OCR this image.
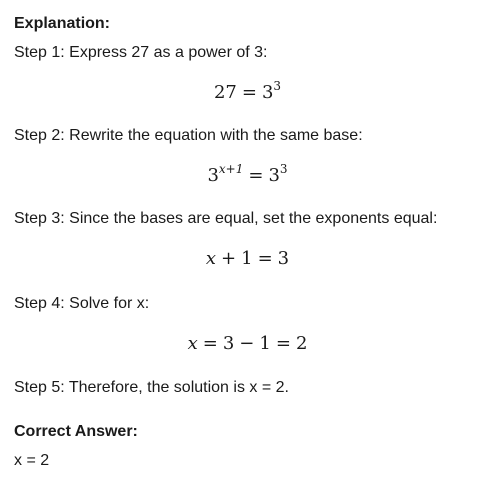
Explanation:
Step 1: Express 27 as a power of 3:
$27 = 3^3$
Step 2: Rewrite the equation with the same base:
$3^{x+1} = 3^3$
Step 3: Since the bases are equal, set the exponents equal:
x + 1 = 3
Step 4: Solve for x:
x = 3 − 1 = 2
Step 5: Therefore, the solution is x = 2.
Correct Answer:
x = 2
